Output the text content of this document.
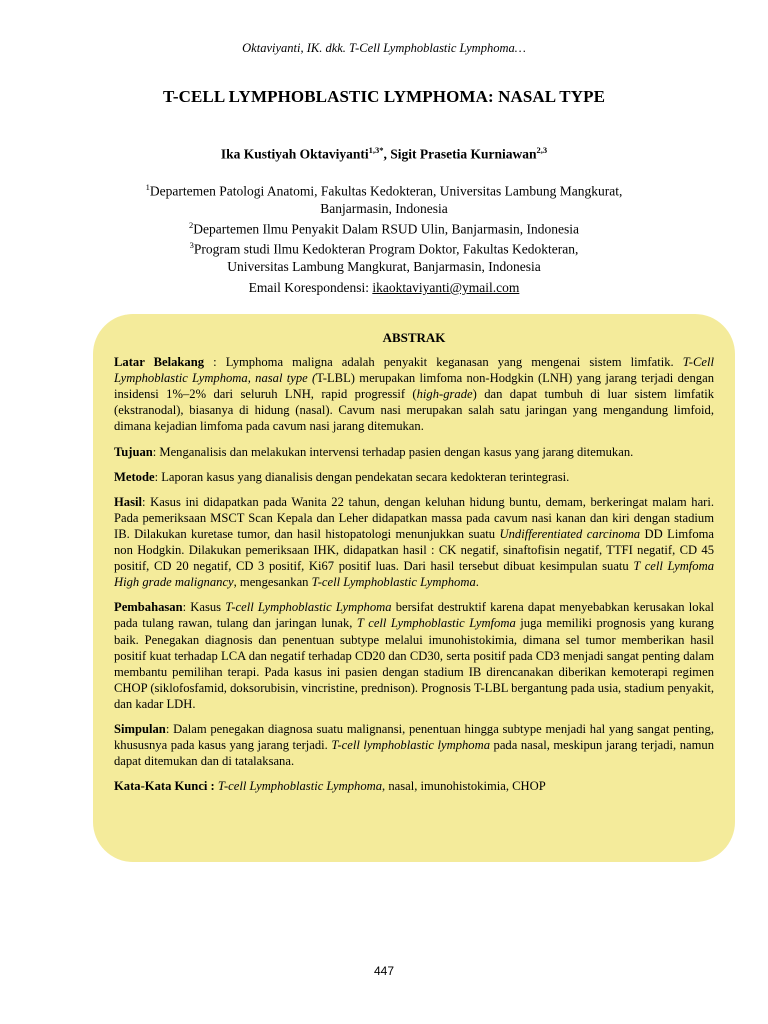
Oktaviyanti, IK. dkk. T-Cell Lymphoblastic Lymphoma…
T-CELL LYMPHOBLASTIC LYMPHOMA: NASAL TYPE
Ika Kustiyah Oktaviyanti$^{1,3*}$, Sigit Prasetia Kurniawan$^{2,3}$
$^1$Departemen Patologi Anatomi, Fakultas Kedokteran, Universitas Lambung Mangkurat,
Banjarmasin, Indonesia
$^2$Departemen Ilmu Penyakit Dalam RSUD Ulin, Banjarmasin, Indonesia
$^3$Program studi Ilmu Kedokteran Program Doktor, Fakultas Kedokteran,
Universitas Lambung Mangkurat, Banjarmasin, Indonesia
Email Korespondensi: ikaoktaviyanti@ymail.com
ABSTRAK

Latar Belakang : Lymphoma maligna adalah penyakit keganasan yang mengenai sistem limfatik. T-Cell Lymphoblastic Lymphoma, nasal type (T-LBL) merupakan limfoma non-Hodgkin (LNH) yang jarang terjadi dengan insidensi 1%–2% dari seluruh LNH, rapid progressif (high-grade) dan dapat tumbuh di luar sistem limfatik (ekstranodal), biasanya di hidung (nasal). Cavum nasi merupakan salah satu jaringan yang mengandung limfoid, dimana kejadian limfoma pada cavum nasi jarang ditemukan.

Tujuan: Menganalisis dan melakukan intervensi terhadap pasien dengan kasus yang jarang ditemukan.

Metode: Laporan kasus yang dianalisis dengan pendekatan secara kedokteran terintegrasi.

Hasil: Kasus ini didapatkan pada Wanita 22 tahun, dengan keluhan hidung buntu, demam, berkeringat malam hari. Pada pemeriksaan MSCT Scan Kepala dan Leher didapatkan massa pada cavum nasi kanan dan kiri dengan stadium IB. Dilakukan kuretase tumor, dan hasil histopatologi menunjukkan suatu Undifferentiated carcinoma DD Limfoma non Hodgkin. Dilakukan pemeriksaan IHK, didapatkan hasil : CK negatif, sinaftofisin negatif, TTFI negatif, CD 45 positif, CD 20 negatif, CD 3 positif, Ki67 positif luas. Dari hasil tersebut dibuat kesimpulan suatu T cell Lymfoma High grade malignancy, mengesankan T-cell Lymphoblastic Lymphoma.

Pembahasan: Kasus T-cell Lymphoblastic Lymphoma bersifat destruktif karena dapat menyebabkan kerusakan lokal pada tulang rawan, tulang dan jaringan lunak, T cell Lymphoblastic Lymfoma juga memiliki prognosis yang kurang baik. Penegakan diagnosis dan penentuan subtype melalui imunohistokimia, dimana sel tumor memberikan hasil positif kuat terhadap LCA dan negatif terhadap CD20 dan CD30, serta positif pada CD3 menjadi sangat penting dalam membantu pemilihan terapi. Pada kasus ini pasien dengan stadium IB direncanakan diberikan kemoterapi regimen CHOP (siklofosfamid, doksorubisin, vincristine, prednison). Prognosis T-LBL bergantung pada usia, stadium penyakit, dan kadar LDH.

Simpulan: Dalam penegakan diagnosa suatu malignansi, penentuan hingga subtype menjadi hal yang sangat penting, khususnya pada kasus yang jarang terjadi. T-cell lymphoblastic lymphoma pada nasal, meskipun jarang terjadi, namun dapat ditemukan dan di tatalaksana.

Kata-Kata Kunci : T-cell Lymphoblastic Lymphoma, nasal, imunohistokimia, CHOP

447
